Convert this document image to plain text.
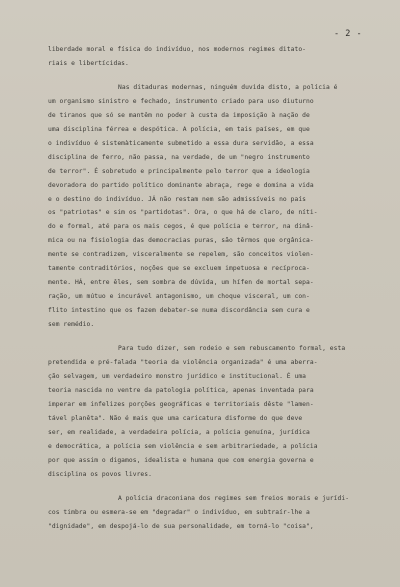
- 2 -
liberdade moral e física do indivíduo, nos modernos regimes ditato-
riais e libertícidas.
Nas ditaduras modernas, ninguém duvida disto, a polícia é
um organismo sinistro e fechado, instrumento criado para uso diuturno
de tiranos que só se mantêm no poder à custa da imposição à nação de
uma disciplina férrea e despótica. A polícia, em tais países, em que
o indivíduo é sistemàticamente submetido a essa dura servidão, a essa
disciplina de ferro, não passa, na verdade, de um "negro instrumento
de terror". É sobretudo e principalmente pelo terror que a ideologia
devoradora do partido político dominante abraça, rege e domina a vida
e o destino do indivíduo. JÁ não restam nem são admissíveis no país
os "patriotas" e sim os "partidotas". Ora, o que há de claro, de níti-
do e formal, até para os mais cegos, é que polícia e terror, na dinâ-
mica ou na fisiologia das democracias puras, são têrmos que orgânica-
mente se contradizem, visceralmente se repelem, são conceitos violen-
tamente contraditórios, noções que se excluem impetuosa e recíproca-
mente. HÁ, entre êles, sem sombra de dúvida, um hífen de mortal sepa-
ração, um mútuo e incurável antagonismo, um choque visceral, um con-
flito intestino que os fazem debater-se numa discordância sem cura e
sem remédio.
Para tudo dizer, sem rodeio e sem rebuscamento formal, esta
pretendida e pré-falada "teoria da violência organizada" é uma aberra-
ção selvagem, um verdadeiro monstro jurídico e institucional. É uma
teoria nascida no ventre da patologia política, apenas inventada para
imperar em infelizes porções geográficas e territoriais dêste "lamen-
tável planêta". Não é mais que uma caricatura disforme do que deve
ser, em realidade, a verdadeira polícia, a polícia genuína, jurídica
e democrática, a polícia sem violência e sem arbitrariedade, a polícia
por que assim o digamos, idealista e humana que com energia governa e
disciplina os povos livres.
A polícia draconiana dos regimes sem freios morais e jurídi-
cos timbra ou esmera-se em "degradar" o indivíduo, em subtraír-lhe a
"dignidade", em despojá-lo de sua personalidade, em torná-lo "coisa",
